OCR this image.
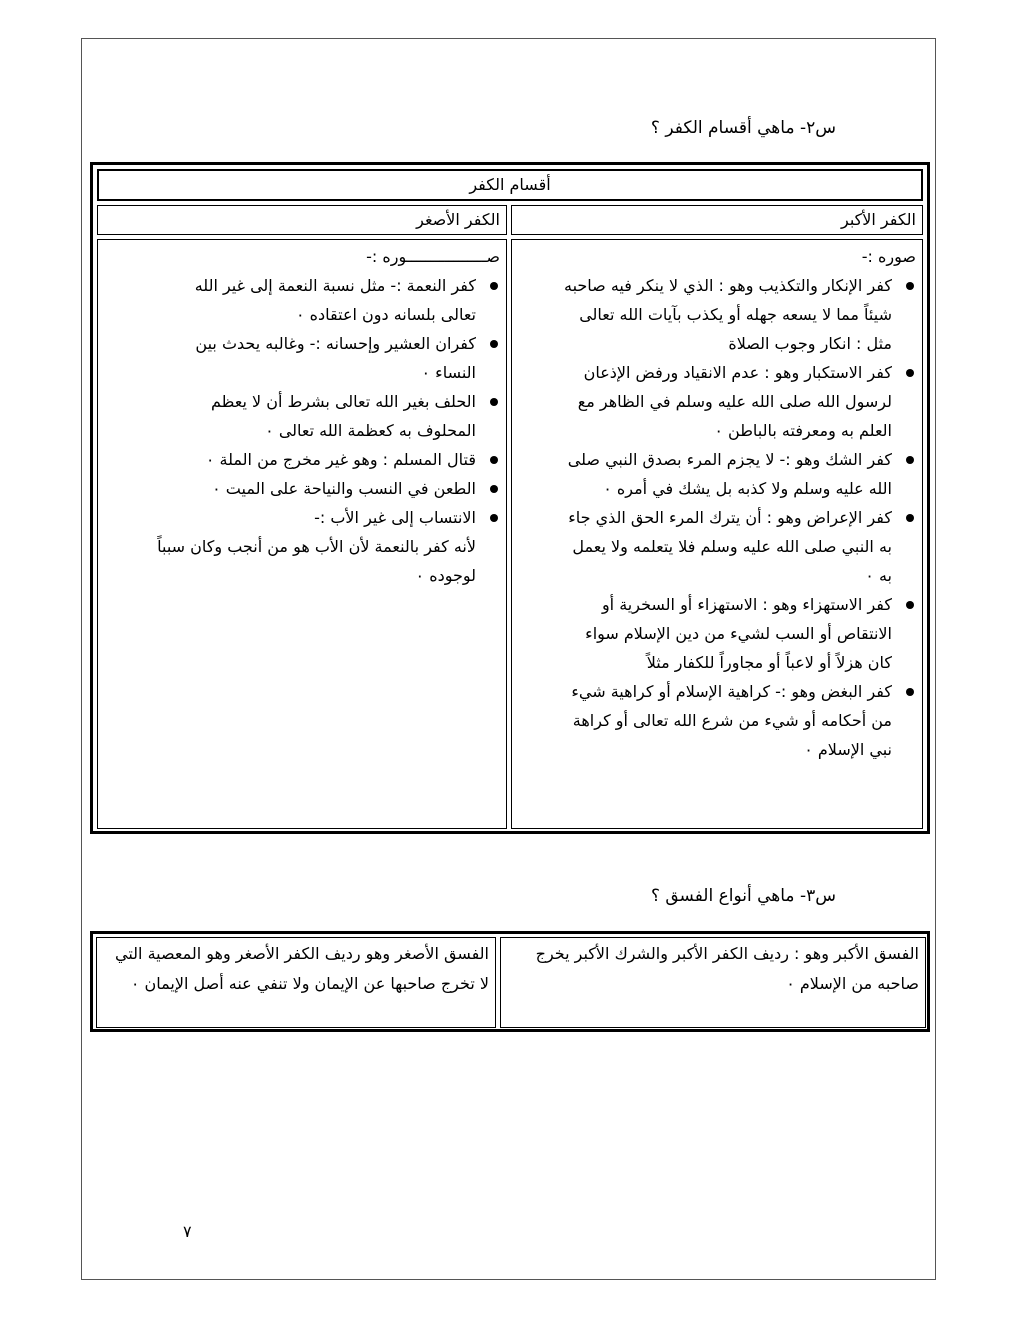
س٢- ماهي أقسام الكفر ؟
أقسام الكفر
الكفر الأكبر
الكفر الأصغر
صوره :-
كفر الإنكار والتكذيب وهو : الذي لا ينكر فيه صاحبه شيئاً مما لا يسعه جهله أو يكذب بآيات الله تعالى مثل : انكار وجوب الصلاة
كفر الاستكبار وهو : عدم الانقياد ورفض الإذعان لرسول الله صلى الله عليه وسلم في الظاهر مع العلم به ومعرفته بالباطن ٠
كفر الشك وهو :- لا يجزم المرء بصدق النبي صلى الله عليه وسلم ولا كذبه بل يشك في أمره ٠
كفر الإعراض وهو : أن يترك المرء الحق الذي جاء به النبي صلى الله عليه وسلم فلا يتعلمه ولا يعمل به ٠
كفر الاستهزاء وهو : الاستهزاء أو السخرية أو الانتقاص أو السب لشيء من دين الإسلام سواء كان هزلاً أو لاعباً أو مجاوراً للكفار مثلاً
كفر البغض وهو :- كراهية الإسلام أو كراهية شيء من أحكامه أو شيء من شرع الله تعالى أو كراهة نبي الإسلام ٠
صـــــــــــــــــوره :-
كفر النعمة :- مثل نسبة النعمة إلى غير الله تعالى بلسانه دون اعتقاده ٠
كفران العشير وإحسانه :- وغالبه يحدث بين النساء ٠
الحلف بغير الله تعالى بشرط أن لا يعظم المحلوف به كعظمة الله تعالى ٠
قتال المسلم : وهو غير مخرج من الملة ٠
الطعن في النسب والنياحة على الميت ٠
الانتساب إلى غير الأب :-
لأنه كفر بالنعمة لأن الأب هو من أنجب وكان سبباً لوجوده ٠
س٣- ماهي أنواع الفسق ؟
الفسق الأكبر وهو : رديف الكفر الأكبر والشرك الأكبر يخرج صاحبه من الإسلام ٠
الفسق الأصغر وهو رديف الكفر الأصغر وهو المعصية التي لا تخرج صاحبها عن الإيمان ولا تنفي عنه أصل الإيمان ٠
٧
